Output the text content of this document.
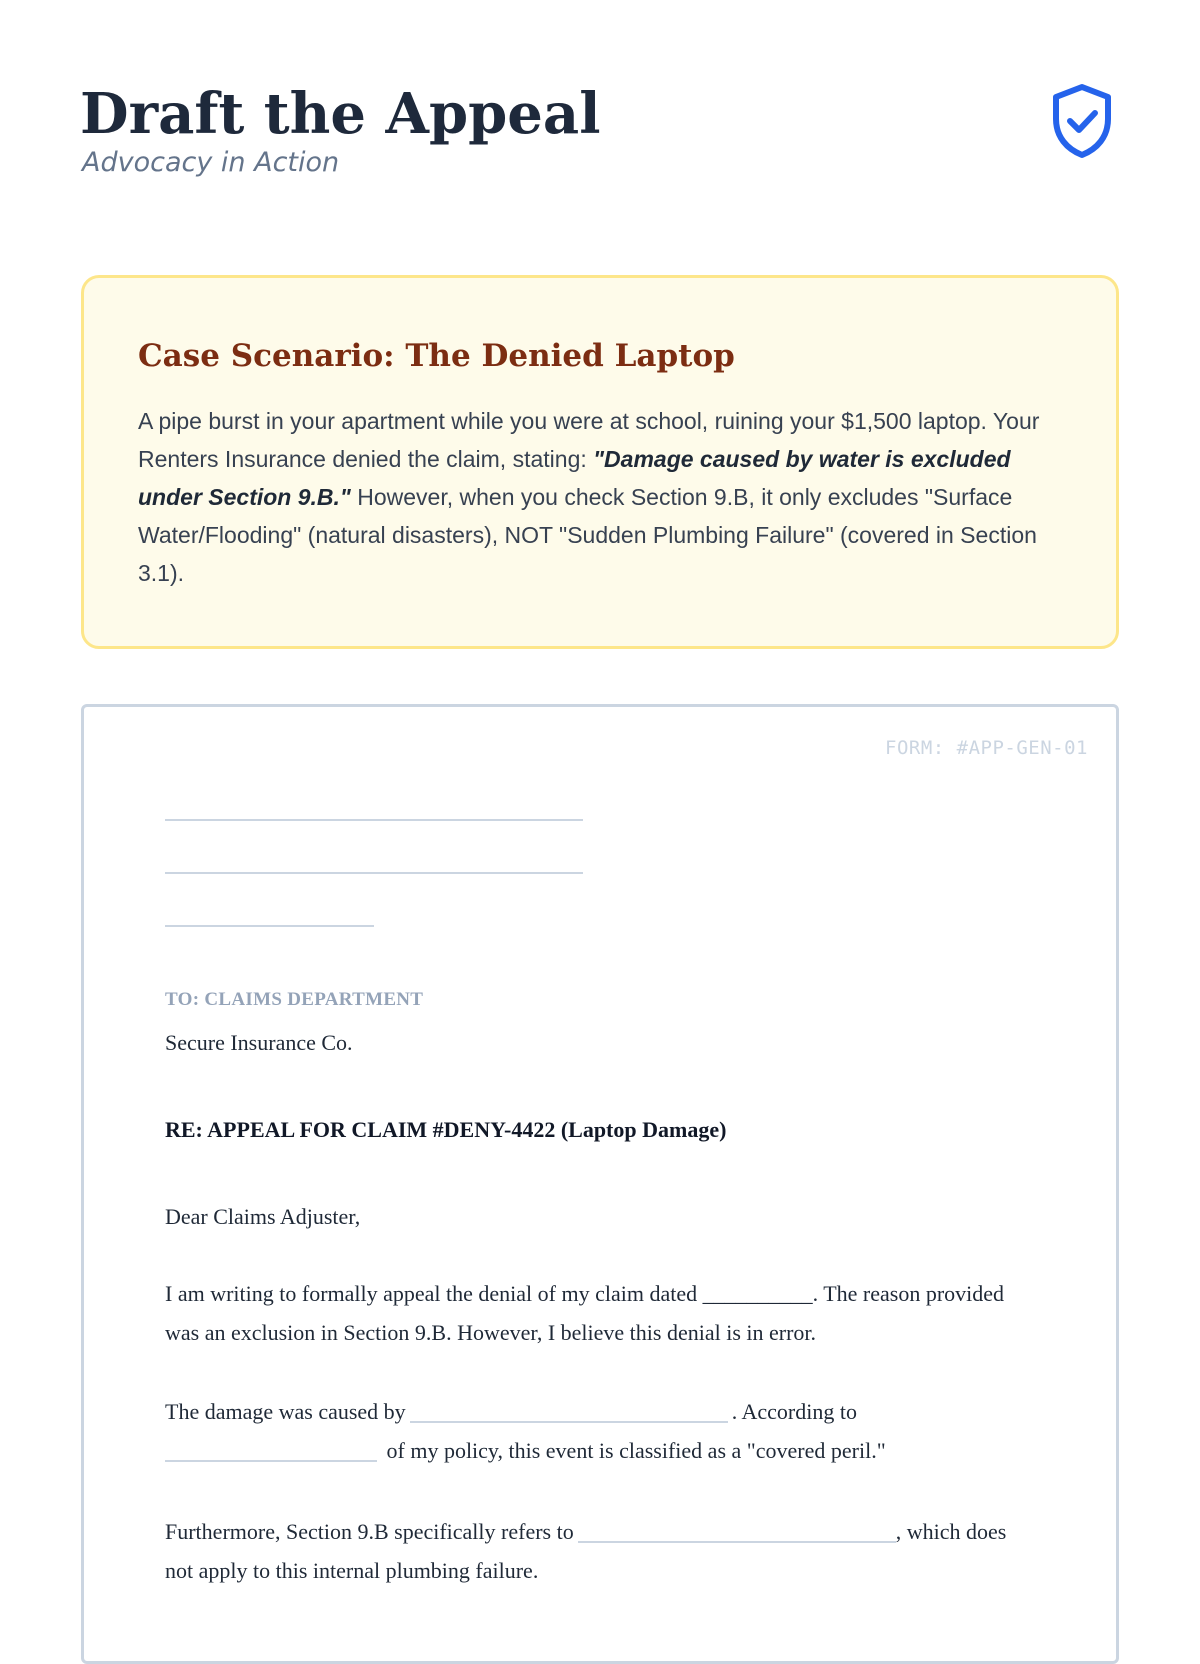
Draft the Appeal
Advocacy in Action
Case Scenario: The Denied Laptop

A pipe burst in your apartment while you were at school, ruining your $1,500 laptop. Your Renters Insurance denied the claim, stating: "Damage caused by water is excluded under Section 9.B." However, when you check Section 9.B, it only excludes "Surface Water/Flooding" (natural disasters), NOT "Sudden Plumbing Failure" (covered in Section 3.1).

FORM: #APP-GEN-01
TO: CLAIMS DEPARTMENT
Secure Insurance Co.
RE: APPEAL FOR CLAIM #DENY-4422 (Laptop Damage)
Dear Claims Adjuster,
I am writing to formally appeal the denial of my claim dated __________. The reason provided was an exclusion in Section 9.B. However, I believe this denial is in error.
The damage was caused by	. According to
of my policy, this event is classified as a "covered peril."
Furthermore, Section 9.B specifically refers to	, which does not apply to this internal plumbing failure.
